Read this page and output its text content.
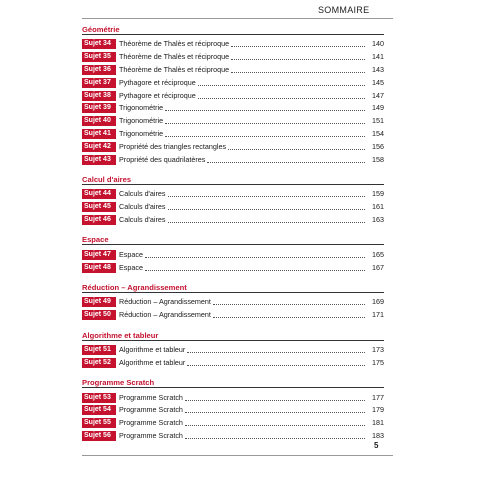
SOMMAIRE
Géométrie
Sujet 34	Théorème de Thalès et réciproque	140
Sujet 35	Théorème de Thalès et réciproque	141
Sujet 36	Théorème de Thalès et réciproque	143
Sujet 37	Pythagore et réciproque	145
Sujet 38	Pythagore et réciproque	147
Sujet 39	Trigonométrie	149
Sujet 40	Trigonométrie	151
Sujet 41	Trigonométrie	154
Sujet 42	Propriété des triangles rectangles	156
Sujet 43	Propriété des quadrilatères	158
Calcul d'aires
Sujet 44	Calculs d'aires	159
Sujet 45	Calculs d'aires	161
Sujet 46	Calculs d'aires	163
Espace
Sujet 47	Espace	165
Sujet 48	Espace	167
Réduction – Agrandissement
Sujet 49	Réduction – Agrandissement	169
Sujet 50	Réduction – Agrandissement	171
Algorithme et tableur
Sujet 51	Algorithme et tableur	173
Sujet 52	Algorithme et tableur	175
Programme Scratch
Sujet 53	Programme Scratch	177
Sujet 54	Programme Scratch	179
Sujet 55	Programme Scratch	181
Sujet 56	Programme Scratch	183
5
